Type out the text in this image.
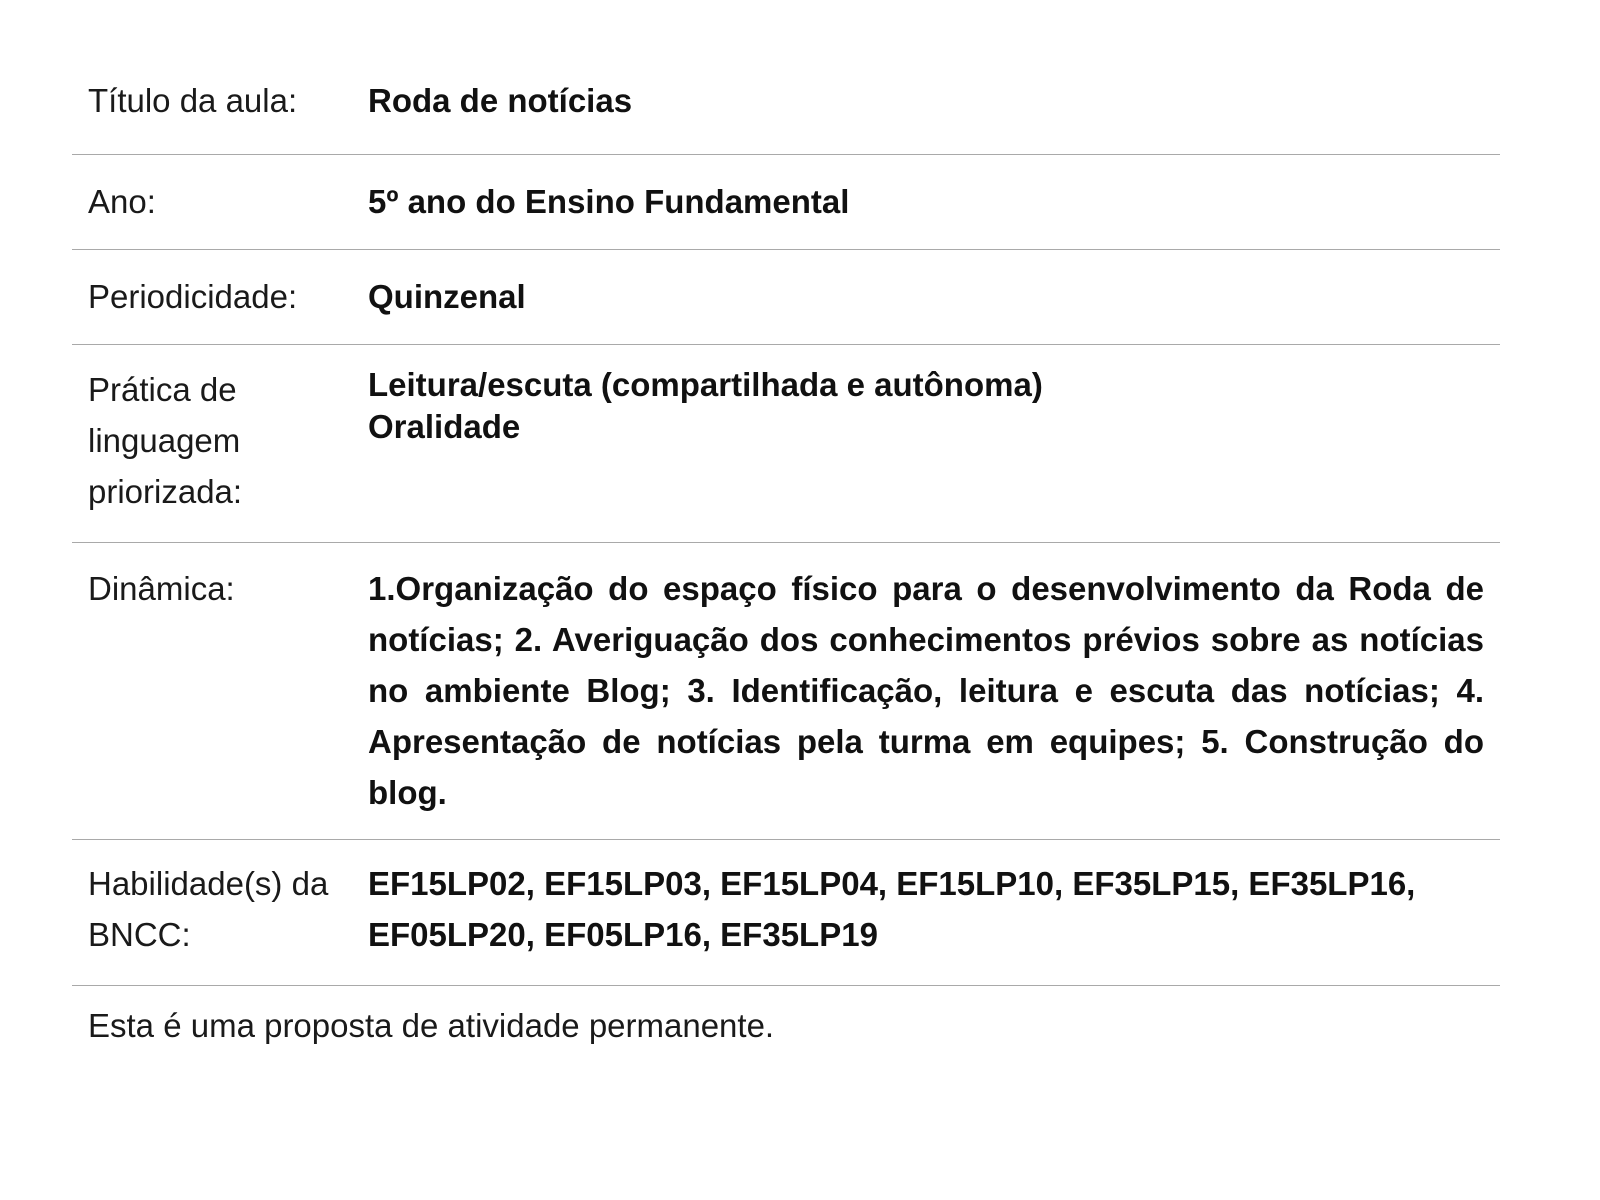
Título da aula:	Roda de notícias
Ano:	5º ano do Ensino Fundamental
Periodicidade:	Quinzenal
Prática de linguagem priorizada:
Leitura/escuta (compartilhada e autônoma)
Oralidade
Dinâmica:	1.Organização do espaço físico para o desenvolvimento da Roda de notícias; 2. Averiguação dos conhecimentos prévios sobre as notícias no ambiente Blog; 3. Identificação, leitura e escuta das notícias; 4. Apresentação de notícias pela turma em equipes; 5. Construção do blog.
Habilidade(s) da BNCC:
EF15LP02, EF15LP03, EF15LP04, EF15LP10, EF35LP15, EF35LP16, EF05LP20, EF05LP16, EF35LP19
Esta é uma proposta de atividade permanente.
